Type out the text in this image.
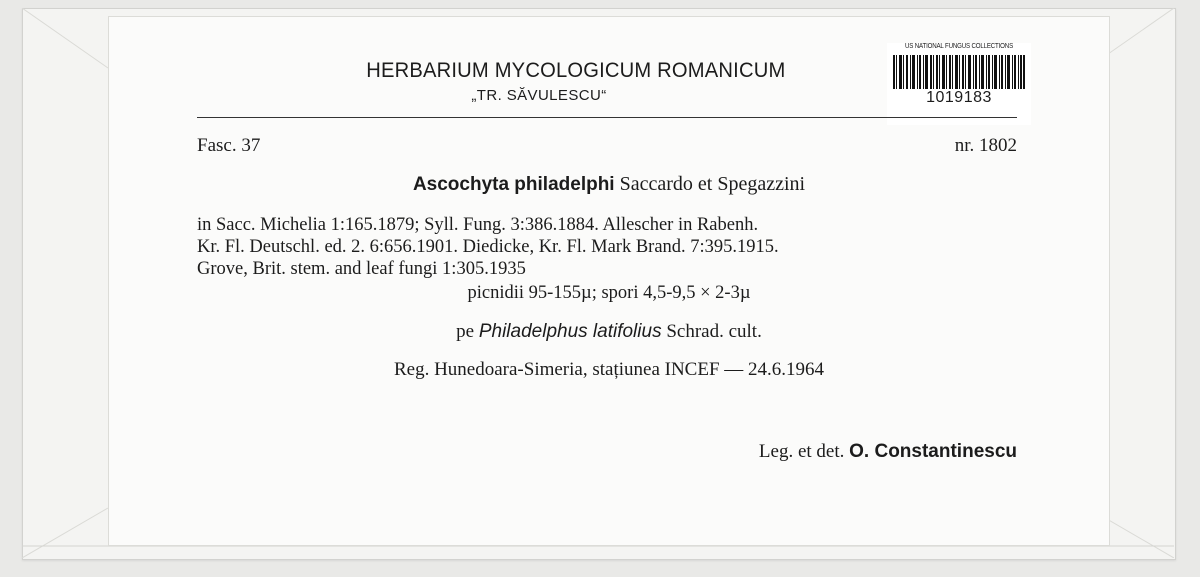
HERBARIUM MYCOLOGICUM ROMANICUM
„TR. SĂVULESCU“
US NATIONAL FUNGUS COLLECTIONS
1019183
Fasc. 37	nr. 1802
Ascochyta philadelphi Saccardo et Spegazzini
in Sacc. Michelia 1:165.1879; Syll. Fung. 3:386.1884. Allescher in Rabenh.
Kr. Fl. Deutschl. ed. 2. 6:656.1901. Diedicke, Kr. Fl. Mark Brand. 7:395.1915.
Grove, Brit. stem. and leaf fungi 1:305.1935
picnidii 95-155µ; spori 4,5-9,5 × 2-3µ
pe Philadelphus latifolius Schrad. cult.
Reg. Hunedoara-Simeria, stațiunea INCEF — 24.6.1964
Leg. et det. O. Constantinescu
